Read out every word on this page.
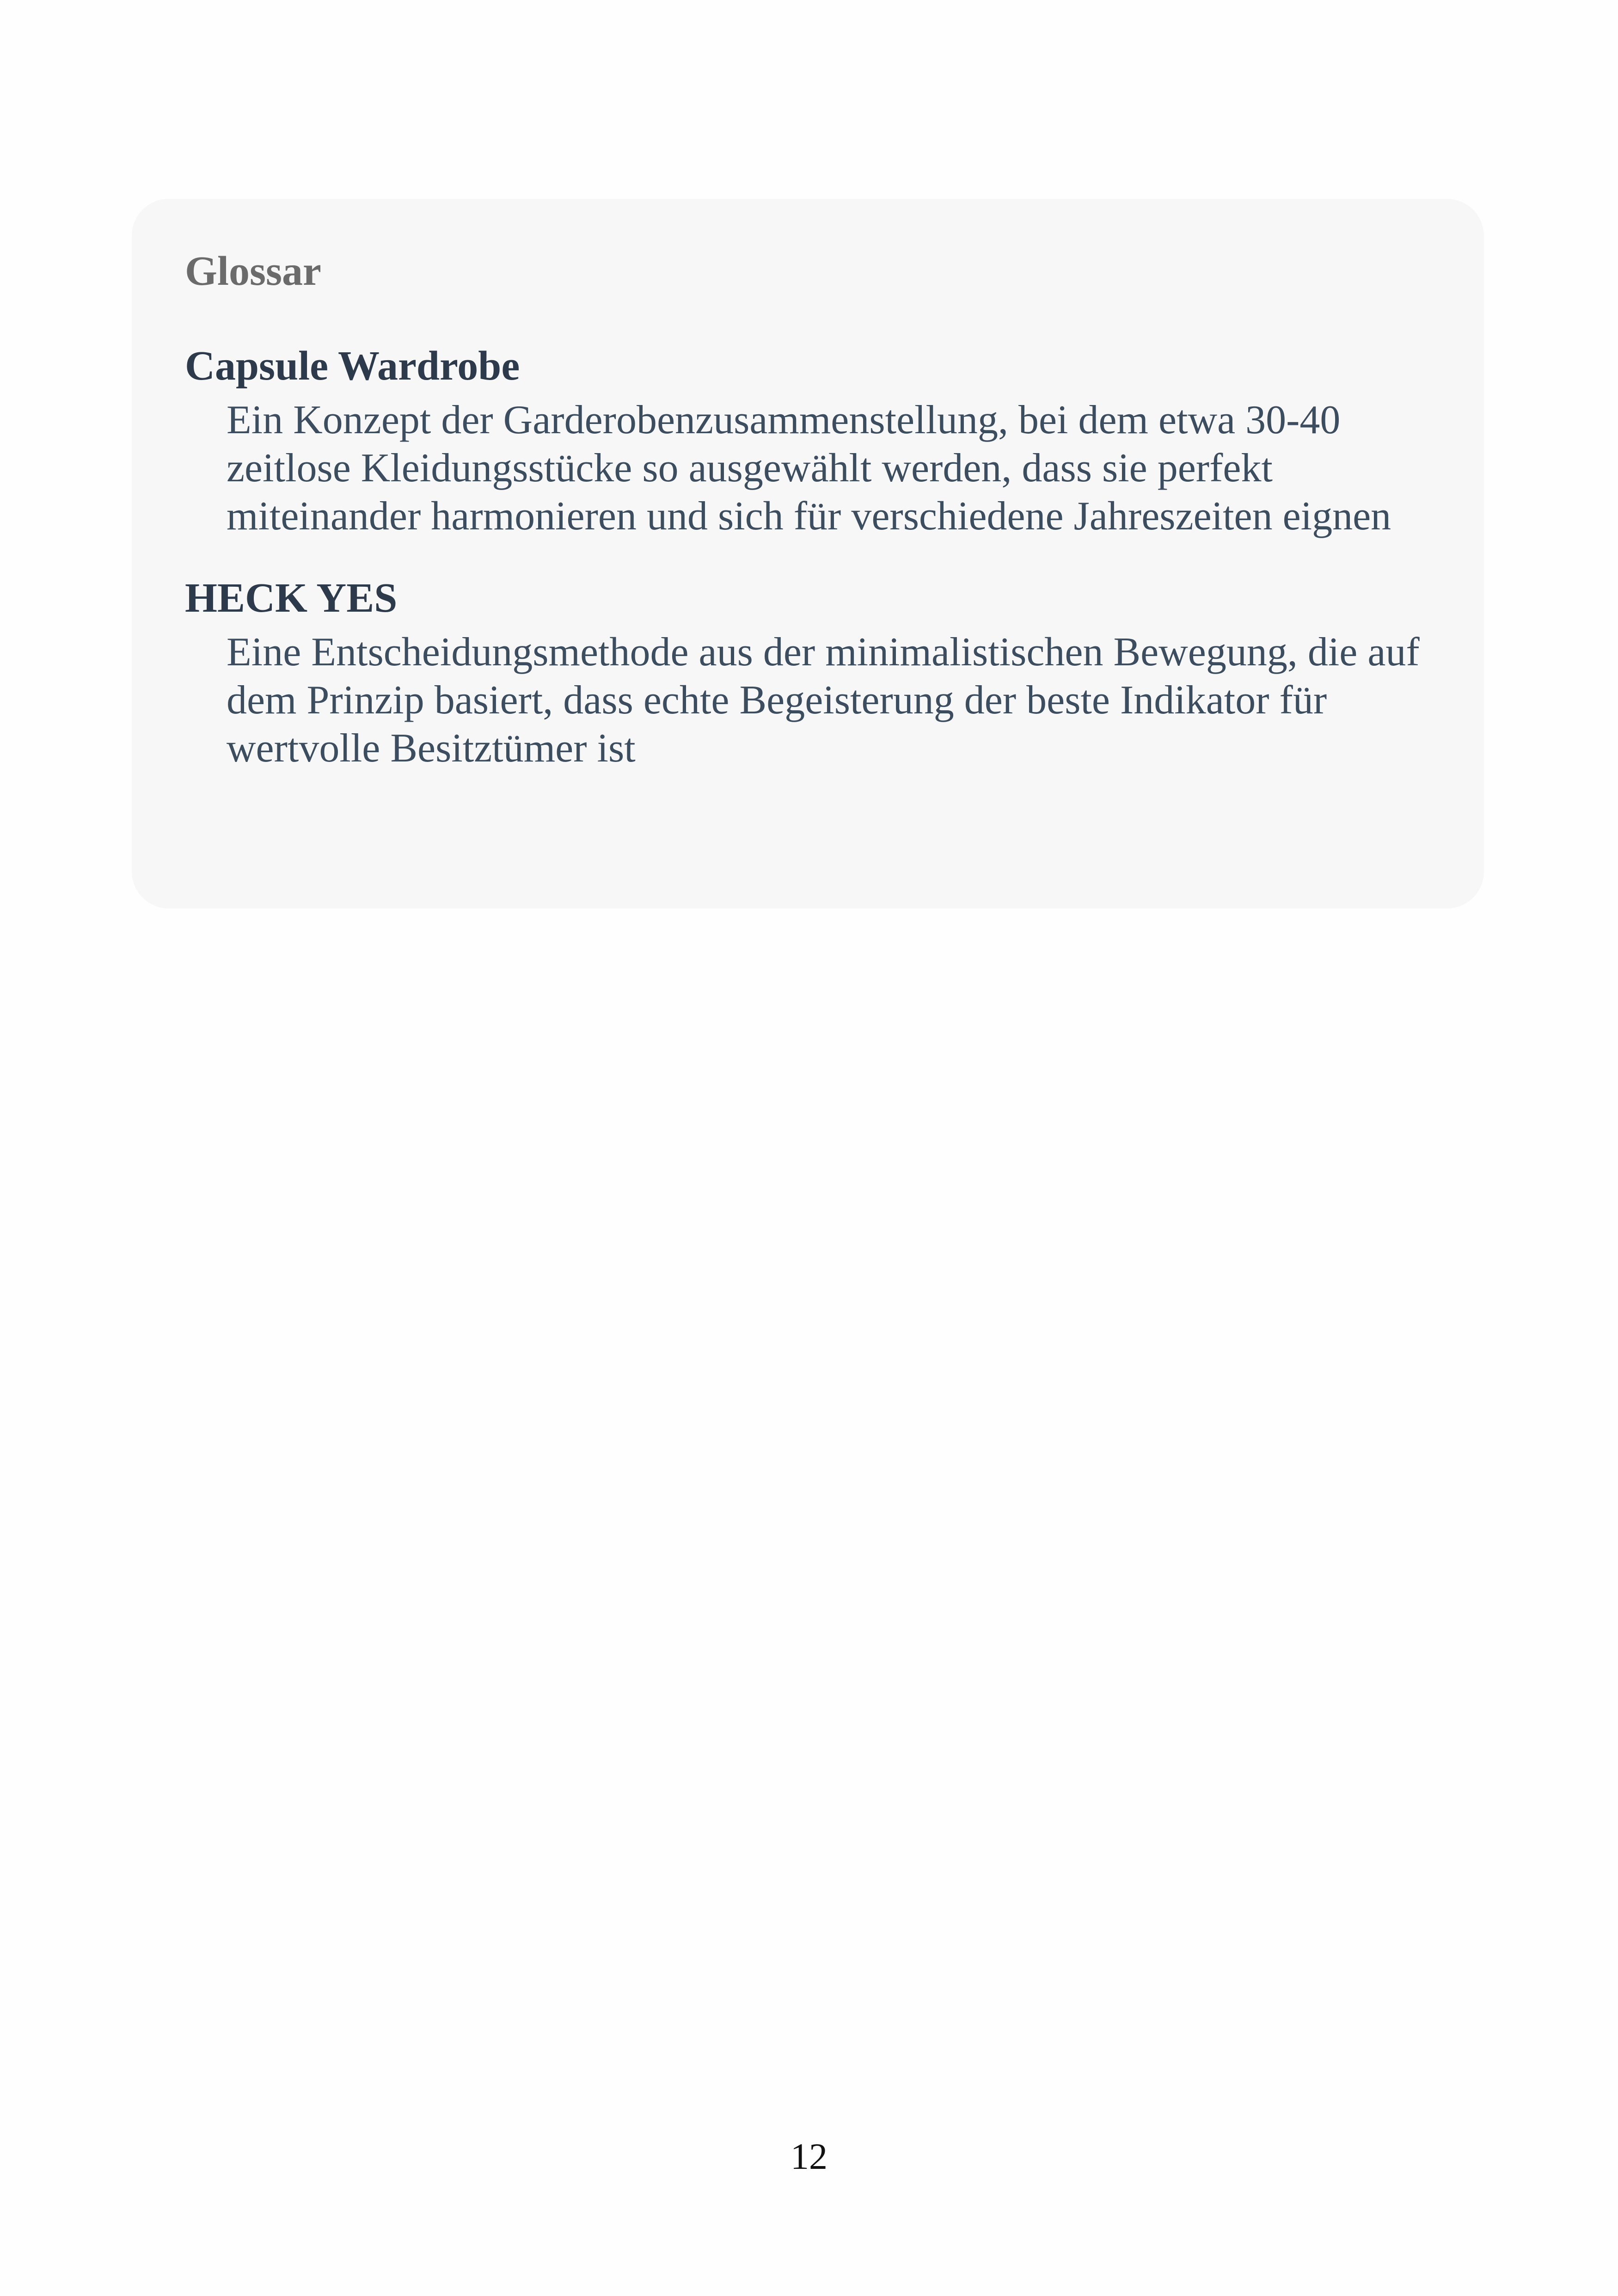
Glossar
Capsule Wardrobe
Ein Konzept der Garderobenzusammenstellung, bei dem etwa 30-40 zeitlose Kleidungsstücke so ausgewählt werden, dass sie perfekt miteinander harmonieren und sich für verschiedene Jahreszeiten eignen
HECK YES
Eine Entscheidungsmethode aus der minimalistischen Bewegung, die auf dem Prinzip basiert, dass echte Begeisterung der beste Indikator für wertvolle Besitztümer ist
12
